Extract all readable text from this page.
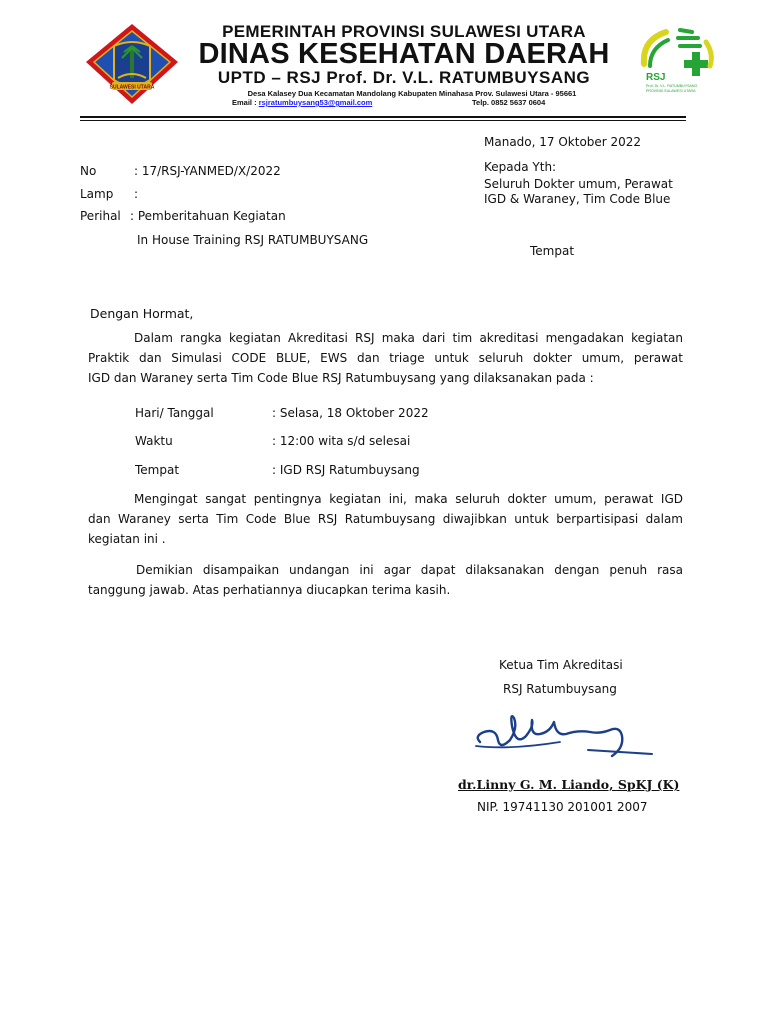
SULAWESI UTARA
PEMERINTAH PROVINSI SULAWESI UTARA
DINAS KESEHATAN DAERAH
UPTD – RSJ Prof. Dr. V.L. RATUMBUYSANG
Desa Kalasey Dua Kecamatan Mandolang Kabupaten Minahasa Prov. Sulawesi Utara - 95661
Email : rsjratumbuysang53@gmail.com	Telp. 0852 5637 0604
RSJ
Prof. Dr. V.L. RATUMBUYSANG
PROVINSI SULAWESI UTARA
Manado, 17 Oktober 2022
No	: 17/RSJ-YANMED/X/2022
Lamp :
Perihal : Pemberitahuan Kegiatan
In House Training RSJ RATUMBUYSANG
Kepada Yth:
Seluruh Dokter umum, Perawat
IGD & Waraney, Tim Code Blue
Tempat
Dengan Hormat,
Dalam rangka kegiatan Akreditasi RSJ maka dari tim akreditasi mengadakan kegiatan
Praktik dan Simulasi CODE BLUE, EWS dan triage untuk seluruh dokter umum, perawat
IGD dan Waraney serta Tim Code Blue RSJ Ratumbuysang yang dilaksanakan pada :
Hari/ Tanggal	: Selasa, 18 Oktober 2022
Waktu	: 12:00 wita s/d selesai
Tempat	: IGD RSJ Ratumbuysang
Mengingat sangat pentingnya kegiatan ini, maka seluruh dokter umum, perawat IGD
dan Waraney serta Tim Code Blue RSJ Ratumbuysang diwajibkan untuk berpartisipasi dalam
kegiatan ini .
Demikian disampaikan undangan ini agar dapat dilaksanakan dengan penuh rasa
tanggung jawab. Atas perhatiannya diucapkan terima kasih.
Ketua Tim Akreditasi
RSJ Ratumbuysang
dr.Linny G. M. Liando, SpKJ (K)
NIP. 19741130 201001 2007
